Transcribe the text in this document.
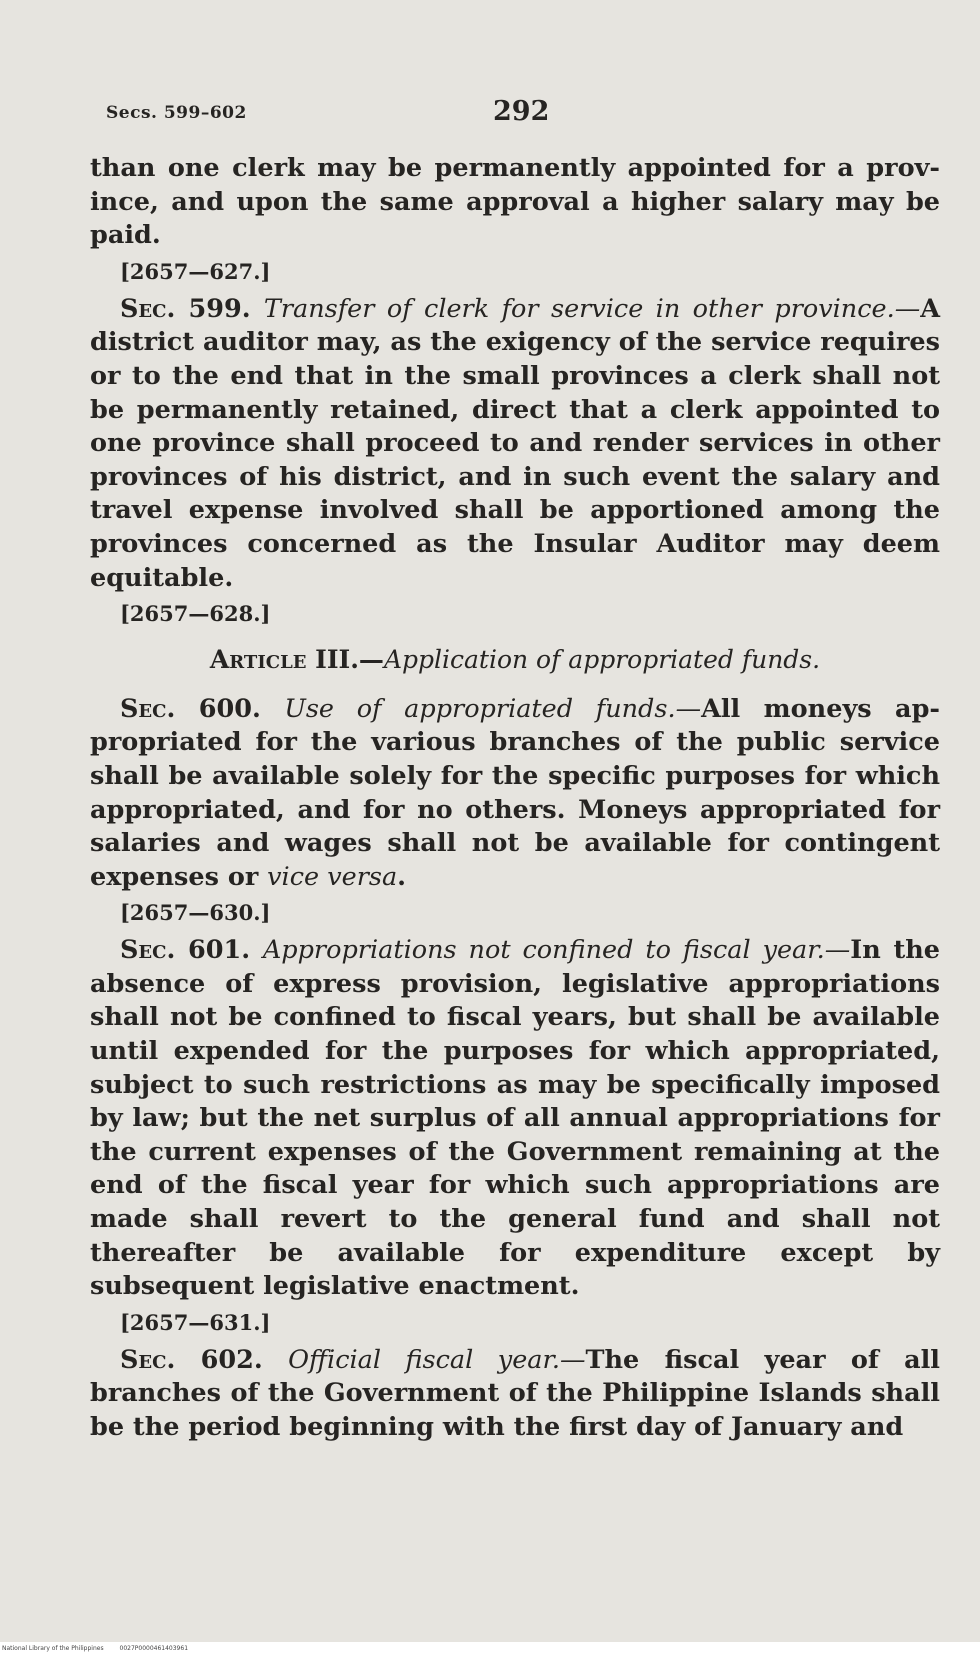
Secs. 599–602	292

than one clerk may be permanently appointed for a province, and upon the same approval a higher salary may be paid.

[2657—627.]

Sec. 599. Transfer of clerk for service in other province.—A district auditor may, as the exigency of the service requires or to the end that in the small provinces a clerk shall not be permanently retained, direct that a clerk appointed to one province shall proceed to and render services in other provinces of his district, and in such event the salary and travel expense involved shall be apportioned among the provinces concerned as the Insular Auditor may deem equitable.

[2657—628.]
Article III.—Application of appropriated funds.

Sec. 600. Use of appropriated funds.—All moneys appropriated for the various branches of the public service shall be available solely for the specific purposes for which appropriated, and for no others. Moneys appropriated for salaries and wages shall not be available for contingent expenses or vice versa.

[2657—630.]

Sec. 601. Appropriations not confined to fiscal year.—In the absence of express provision, legislative appropriations shall not be confined to fiscal years, but shall be available until expended for the purposes for which appropriated, subject to such restrictions as may be specifically imposed by law; but the net surplus of all annual appropriations for the current expenses of the Government remaining at the end of the fiscal year for which such appropriations are made shall revert to the general fund and shall not thereafter be available for expenditure except by subsequent legislative enactment.

[2657—631.]

Sec. 602. Official fiscal year.—The fiscal year of all branches of the Government of the Philippine Islands shall be the period beginning with the first day of January and

National Library of the Philippines	0027P0000461403961
